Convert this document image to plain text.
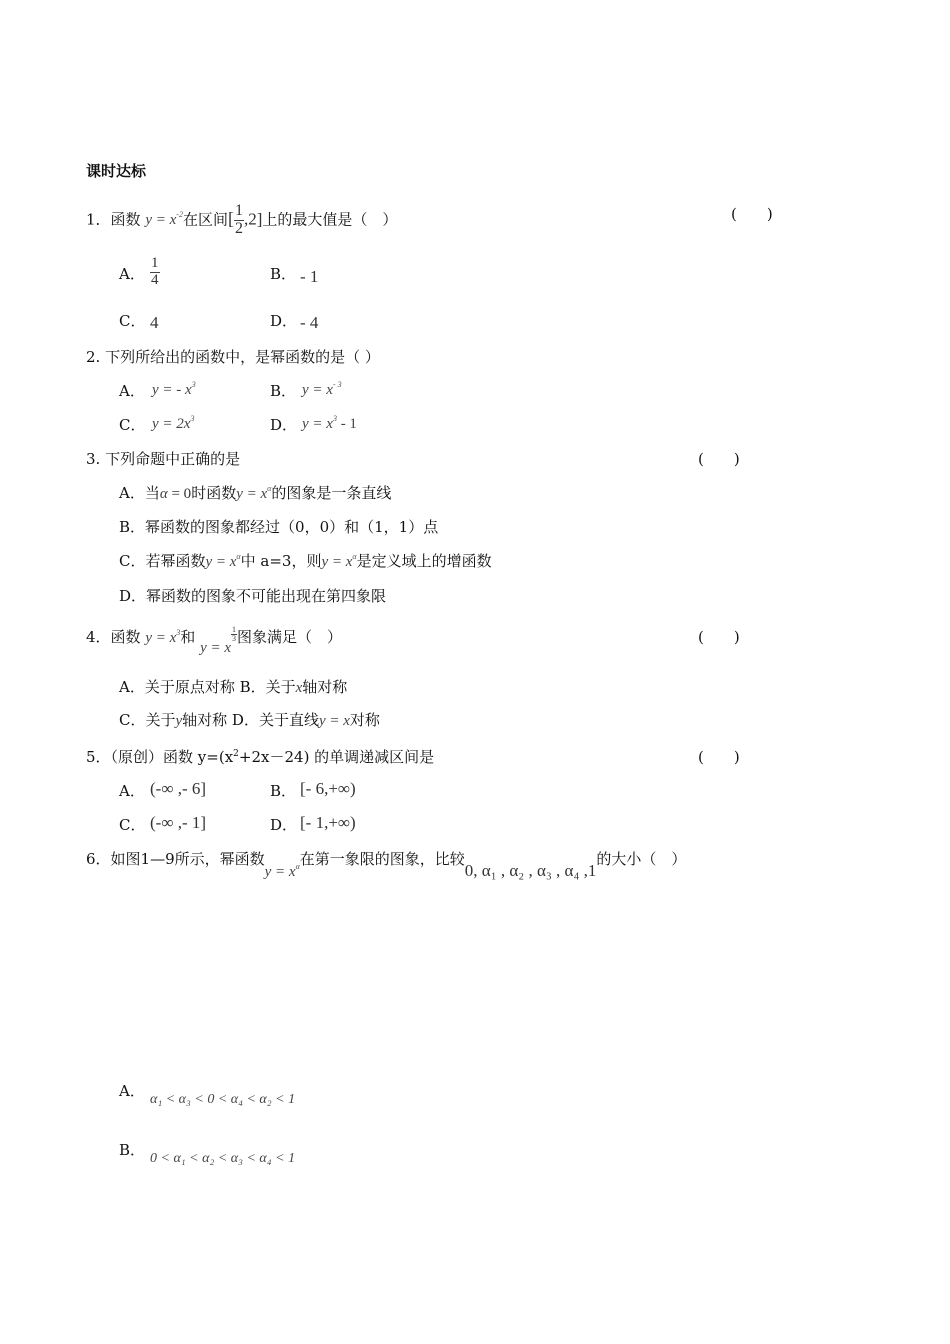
课时达标
1．函数 $y = x^{-2}$在区间[ $\frac{1}{2} ,2$]上的最大值是（　）	(　　)
A． $\frac{1}{4}$	B． - 1
C． 4	D． - 4
2. 下列所给出的函数中，是幂函数的是（ ）
A． y = - $x^3$	B． $y = x^{- 3}$
C． $y = 2x^3$	D． $y = x^3 - 1$
3. 下列命题中正确的是	(　　)
A．当α = 0时函数$y = x^\alpha$的图象是一条直线
B．幂函数的图象都经过（0，0）和（1，1）点
C．若幂函数$y = x^\alpha$中 a=3，则$y = x^\alpha$是定义域上的增函数
D．幂函数的图象不可能出现在第四象限
4．函数 $y = x^3$和 y = x
$\frac{1}{3}$ 图象满足（　）	(　　)
A．关于原点对称 B．关于x轴对称
C．关于y轴对称 D．关于直线y = x对称
5．（原创）函数 $y=(x^2+2x-24)$ 的单调递减区间是	(　　)
A． (-∞ ,- 6]	B． [- 6,+∞)
C． (-∞ ,- 1]	D． [- 1,+∞)
6．如图1—9所示，幂函数$y = x^\alpha$在第一象限的图象，比较0, α₁ , α₂ , α₃ , α₄ ,1的大小（　）
A． α₁ < α₃ < 0 < α₄ < α₂ < 1
B． 0 < α₁ < α₂ < α₃ < α₄ < 1
